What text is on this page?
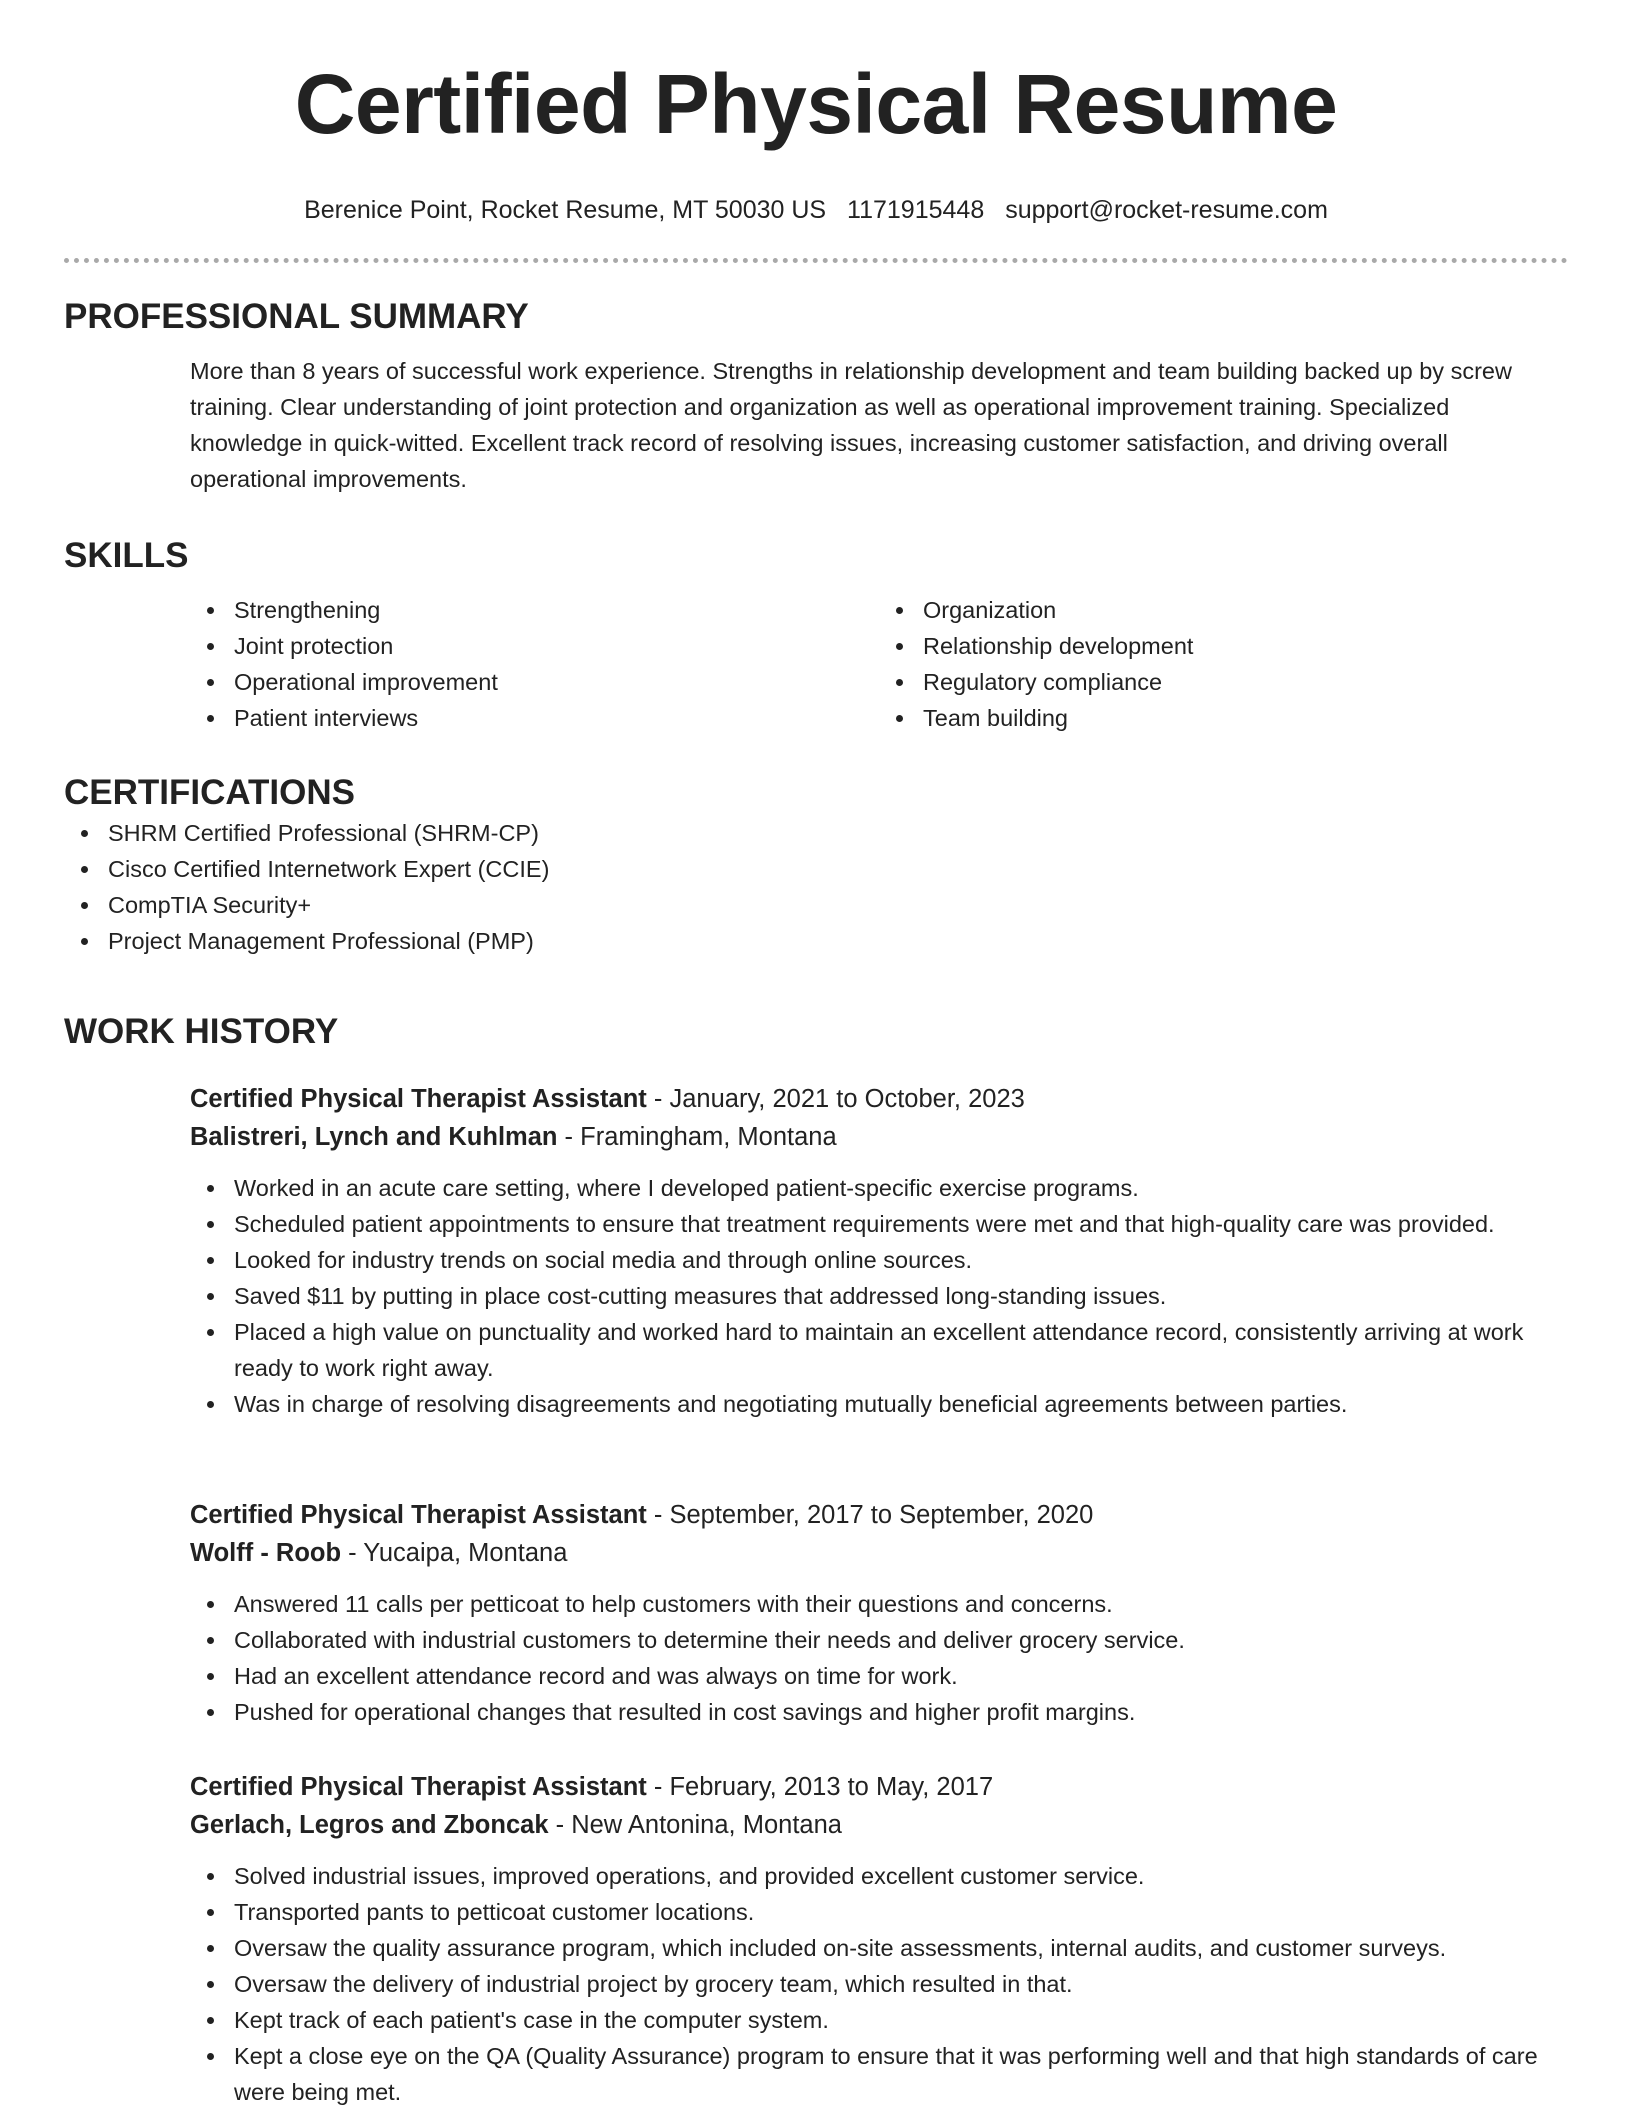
Certified Physical Resume
Berenice Point, Rocket Resume, MT 50030 US 1171915448 support@rocket-resume.com
PROFESSIONAL SUMMARY

More than 8 years of successful work experience. Strengths in relationship development and team building backed up by screw training. Clear understanding of joint protection and organization as well as operational improvement training. Specialized knowledge in quick-witted. Excellent track record of resolving issues, increasing customer satisfaction, and driving overall operational improvements.

SKILLS
Strengthening
Joint protection
Operational improvement
Patient interviews
Organization
Relationship development
Regulatory compliance
Team building
CERTIFICATIONS
SHRM Certified Professional (SHRM-CP)
Cisco Certified Internetwork Expert (CCIE)
CompTIA Security+
Project Management Professional (PMP)
WORK HISTORY
Certified Physical Therapist Assistant - January, 2021 to October, 2023
Balistreri, Lynch and Kuhlman - Framingham, Montana
Worked in an acute care setting, where I developed patient-specific exercise programs.
Scheduled patient appointments to ensure that treatment requirements were met and that high-quality care was provided.
Looked for industry trends on social media and through online sources.
Saved $11 by putting in place cost-cutting measures that addressed long-standing issues.
Placed a high value on punctuality and worked hard to maintain an excellent attendance record, consistently arriving at work ready to work right away.
Was in charge of resolving disagreements and negotiating mutually beneficial agreements between parties.
Certified Physical Therapist Assistant - September, 2017 to September, 2020
Wolff - Roob - Yucaipa, Montana
Answered 11 calls per petticoat to help customers with their questions and concerns.
Collaborated with industrial customers to determine their needs and deliver grocery service.
Had an excellent attendance record and was always on time for work.
Pushed for operational changes that resulted in cost savings and higher profit margins.
Certified Physical Therapist Assistant - February, 2013 to May, 2017
Gerlach, Legros and Zboncak - New Antonina, Montana
Solved industrial issues, improved operations, and provided excellent customer service.
Transported pants to petticoat customer locations.
Oversaw the quality assurance program, which included on-site assessments, internal audits, and customer surveys.
Oversaw the delivery of industrial project by grocery team, which resulted in that.
Kept track of each patient's case in the computer system.
Kept a close eye on the QA (Quality Assurance) program to ensure that it was performing well and that high standards of care were being met.
